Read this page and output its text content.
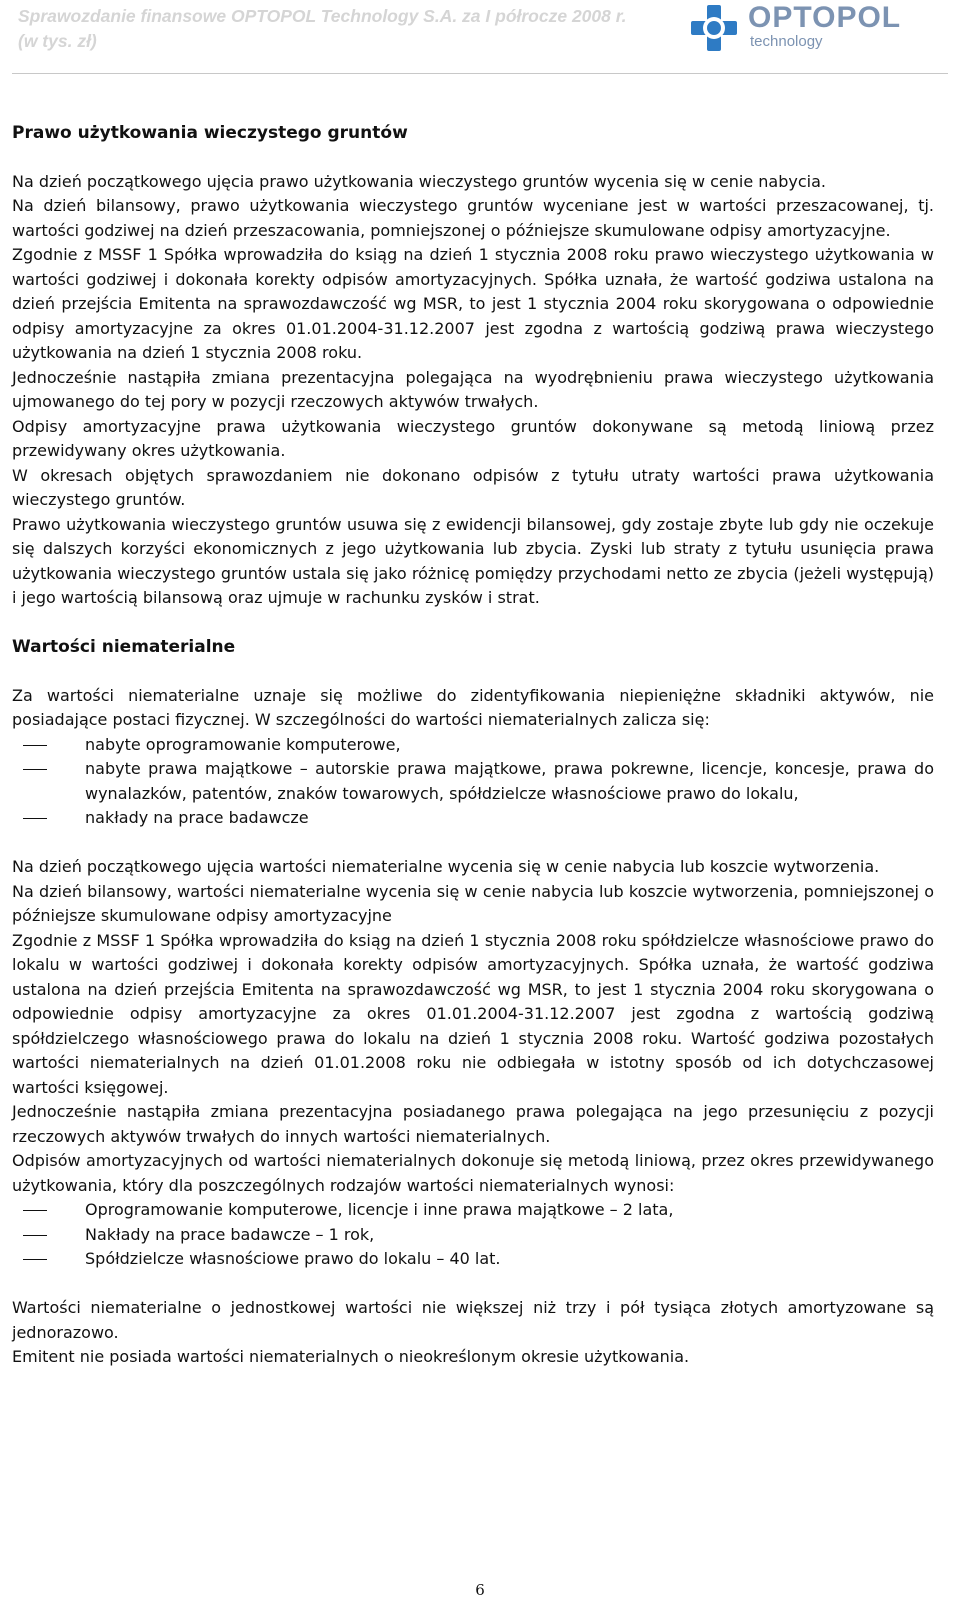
Sprawozdanie finansowe OPTOPOL Technology S.A. za I półrocze 2008 r.
(w tys. zł)

OPTOPOL
technology
Prawo użytkowania wieczystego gruntów

Na dzień początkowego ujęcia prawo użytkowania wieczystego gruntów wycenia się w cenie nabycia.

Na dzień bilansowy, prawo użytkowania wieczystego gruntów wyceniane jest w wartości przeszacowanej, tj. wartości godziwej na dzień przeszacowania, pomniejszonej o późniejsze skumulowane odpisy amortyzacyjne.

Zgodnie z MSSF 1 Spółka wprowadziła do ksiąg na dzień 1 stycznia 2008 roku prawo wieczystego użytkowania w wartości godziwej i dokonała korekty odpisów amortyzacyjnych. Spółka uznała, że wartość godziwa ustalona na dzień przejścia Emitenta na sprawozdawczość wg MSR, to jest 1 stycznia 2004 roku skorygowana o odpowiednie odpisy amortyzacyjne za okres 01.01.2004-31.12.2007 jest zgodna z wartością godziwą prawa wieczystego użytkowania na dzień 1 stycznia 2008 roku.

Jednocześnie nastąpiła zmiana prezentacyjna polegająca na wyodrębnieniu prawa wieczystego użytkowania ujmowanego do tej pory w pozycji rzeczowych aktywów trwałych.

Odpisy amortyzacyjne prawa użytkowania wieczystego gruntów dokonywane są metodą liniową przez przewidywany okres użytkowania.

W okresach objętych sprawozdaniem nie dokonano odpisów z tytułu utraty wartości prawa użytkowania wieczystego gruntów.

Prawo użytkowania wieczystego gruntów usuwa się z ewidencji bilansowej, gdy zostaje zbyte lub gdy nie oczekuje się dalszych korzyści ekonomicznych z jego użytkowania lub zbycia. Zyski lub straty z tytułu usunięcia prawa użytkowania wieczystego gruntów ustala się jako różnicę pomiędzy przychodami netto ze zbycia (jeżeli występują) i jego wartością bilansową oraz ujmuje w rachunku zysków i strat.

Wartości niematerialne

Za wartości niematerialne uznaje się możliwe do zidentyfikowania niepieniężne składniki aktywów, nie posiadające postaci fizycznej. W szczególności do wartości niematerialnych zalicza się:

nabyte oprogramowanie komputerowe,
nabyte prawa majątkowe – autorskie prawa majątkowe, prawa pokrewne, licencje, koncesje, prawa do wynalazków, patentów, znaków towarowych, spółdzielcze własnościowe prawo do lokalu,
nakłady na prace badawcze

Na dzień początkowego ujęcia wartości niematerialne wycenia się w cenie nabycia lub koszcie wytworzenia.

Na dzień bilansowy, wartości niematerialne wycenia się w cenie nabycia lub koszcie wytworzenia, pomniejszonej o późniejsze skumulowane odpisy amortyzacyjne

Zgodnie z MSSF 1 Spółka wprowadziła do ksiąg na dzień 1 stycznia 2008 roku spółdzielcze własnościowe prawo do lokalu w wartości godziwej i dokonała korekty odpisów amortyzacyjnych. Spółka uznała, że wartość godziwa ustalona na dzień przejścia Emitenta na sprawozdawczość wg MSR, to jest 1 stycznia 2004 roku skorygowana o odpowiednie odpisy amortyzacyjne za okres 01.01.2004-31.12.2007 jest zgodna z wartością godziwą spółdzielczego własnościowego prawa do lokalu na dzień 1 stycznia 2008 roku. Wartość godziwa pozostałych wartości niematerialnych na dzień 01.01.2008 roku nie odbiegała w istotny sposób od ich dotychczasowej wartości księgowej.

Jednocześnie nastąpiła zmiana prezentacyjna posiadanego prawa polegająca na jego przesunięciu z pozycji rzeczowych aktywów trwałych do innych wartości niematerialnych.

Odpisów amortyzacyjnych od wartości niematerialnych dokonuje się metodą liniową, przez okres przewidywanego użytkowania, który dla poszczególnych rodzajów wartości niematerialnych wynosi:

Oprogramowanie komputerowe, licencje i inne prawa majątkowe – 2 lata,
Nakłady na prace badawcze – 1 rok,
Spółdzielcze własnościowe prawo do lokalu – 40 lat.

Wartości niematerialne o jednostkowej wartości nie większej niż trzy i pół tysiąca złotych amortyzowane są jednorazowo.

Emitent nie posiada wartości niematerialnych o nieokreślonym okresie użytkowania.

6
